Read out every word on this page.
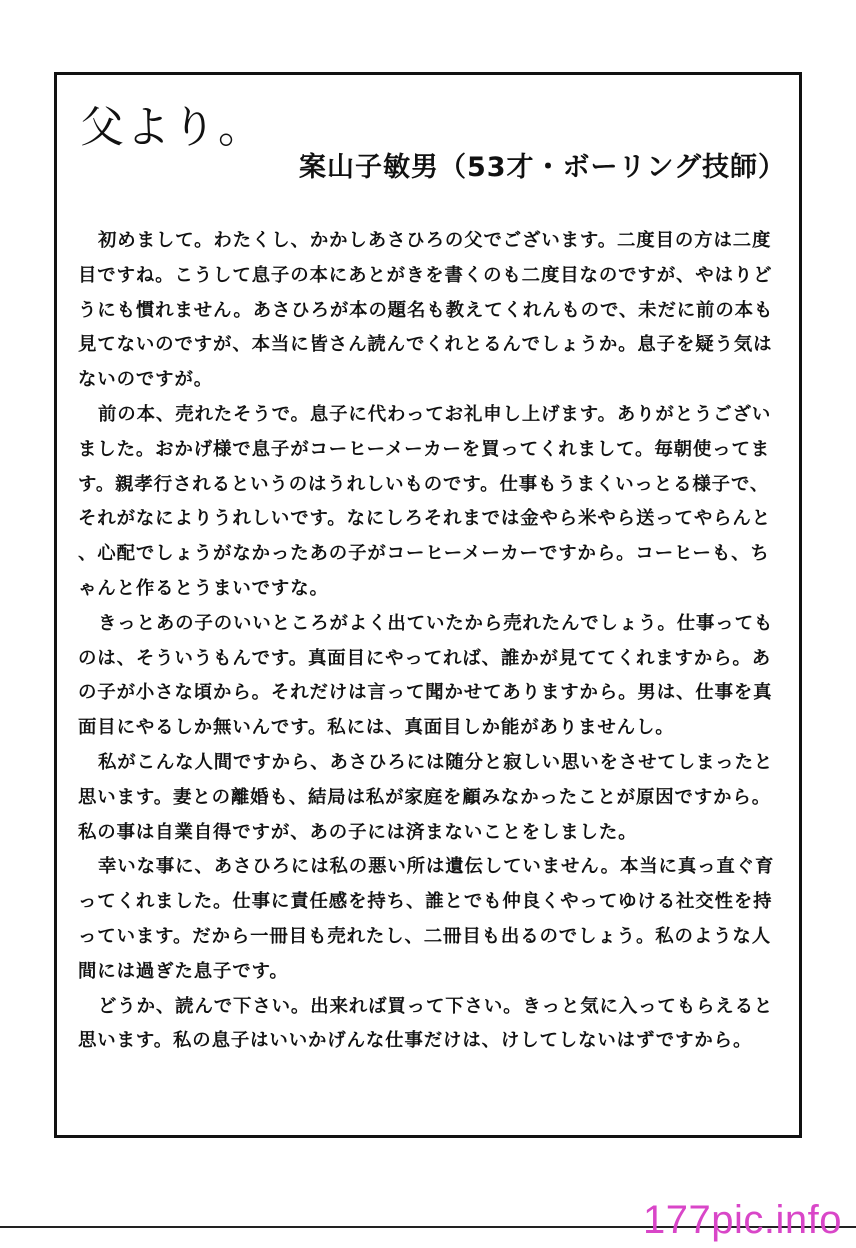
父より。
案山子敏男（53才・ボーリング技師）
初めまして。わたくし、かかしあさひろの父でございます。二度目の方は二度
目ですね。こうして息子の本にあとがきを書くのも二度目なのですが、やはりど
うにも慣れません。あさひろが本の題名も教えてくれんもので、未だに前の本も
見てないのですが、本当に皆さん読んでくれとるんでしょうか。息子を疑う気は
ないのですが。
前の本、売れたそうで。息子に代わってお礼申し上げます。ありがとうござい
ました。おかげ様で息子がコーヒーメーカーを買ってくれまして。毎朝使ってま
す。親孝行されるというのはうれしいものです。仕事もうまくいっとる様子で、
それがなによりうれしいです。なにしろそれまでは金やら米やら送ってやらんと
、心配でしょうがなかったあの子がコーヒーメーカーですから。コーヒーも、ち
ゃんと作るとうまいですな。
きっとあの子のいいところがよく出ていたから売れたんでしょう。仕事っても
のは、そういうもんです。真面目にやってれば、誰かが見ててくれますから。あ
の子が小さな頃から。それだけは言って聞かせてありますから。男は、仕事を真
面目にやるしか無いんです。私には、真面目しか能がありませんし。
私がこんな人間ですから、あさひろには随分と寂しい思いをさせてしまったと
思います。妻との離婚も、結局は私が家庭を顧みなかったことが原因ですから。
私の事は自業自得ですが、あの子には済まないことをしました。
幸いな事に、あさひろには私の悪い所は遺伝していません。本当に真っ直ぐ育
ってくれました。仕事に責任感を持ち、誰とでも仲良くやってゆける社交性を持
っています。だから一冊目も売れたし、二冊目も出るのでしょう。私のような人
間には過ぎた息子です。
どうか、読んで下さい。出来れば買って下さい。きっと気に入ってもらえると
思います。私の息子はいいかげんな仕事だけは、けしてしないはずですから。
177pic.info
